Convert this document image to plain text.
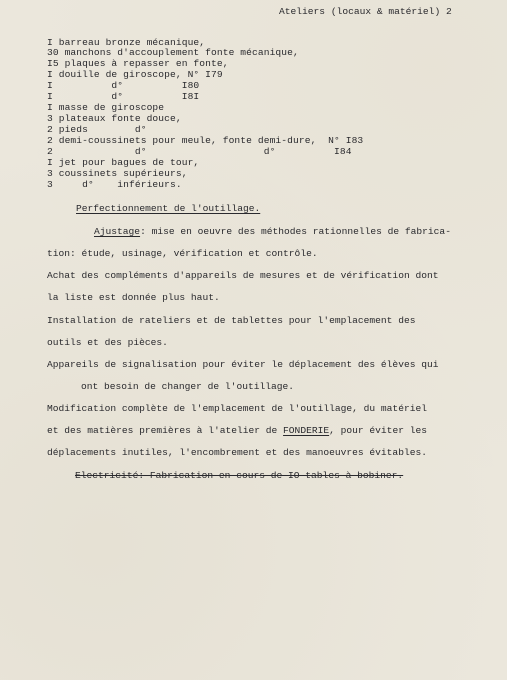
Ateliers (locaux & matériel) 2
I barreau bronze mécanique,
30 manchons d'accouplement fonte mécanique,
I5 plaques à repasser en fonte,
I douille de giroscope, N° I79
I          d°          I80
I          d°          I8I
I masse de giroscope
3 plateaux fonte douce,
2 pieds        d°
2 demi-coussinets pour meule, fonte demi-dure,  N° I83
2              d°                    d°          I84
I jet pour bagues de tour,
3 coussinets supérieurs,
3     d°    inférieurs.
Perfectionnement de l'outillage.
Ajustage: mise en oeuvre des méthodes rationnelles de fabrica-
tion: étude, usinage, vérification et contrôle.
Achat des compléments d'appareils de mesures et de vérification dont
la liste est donnée plus haut.
Installation de rateliers et de tablettes pour l'emplacement des
outils et des pièces.
Appareils de signalisation pour éviter le déplacement des élèves qui
ont besoin de changer de l'outillage.
Modification complète de l'emplacement de l'outillage, du matériel
et des matières premières à l'atelier de FONDERIE, pour éviter les
déplacements inutiles, l'encombrement et des manoeuvres évitables.
Electricité: Fabrication en cours de IO tables à bobiner.
